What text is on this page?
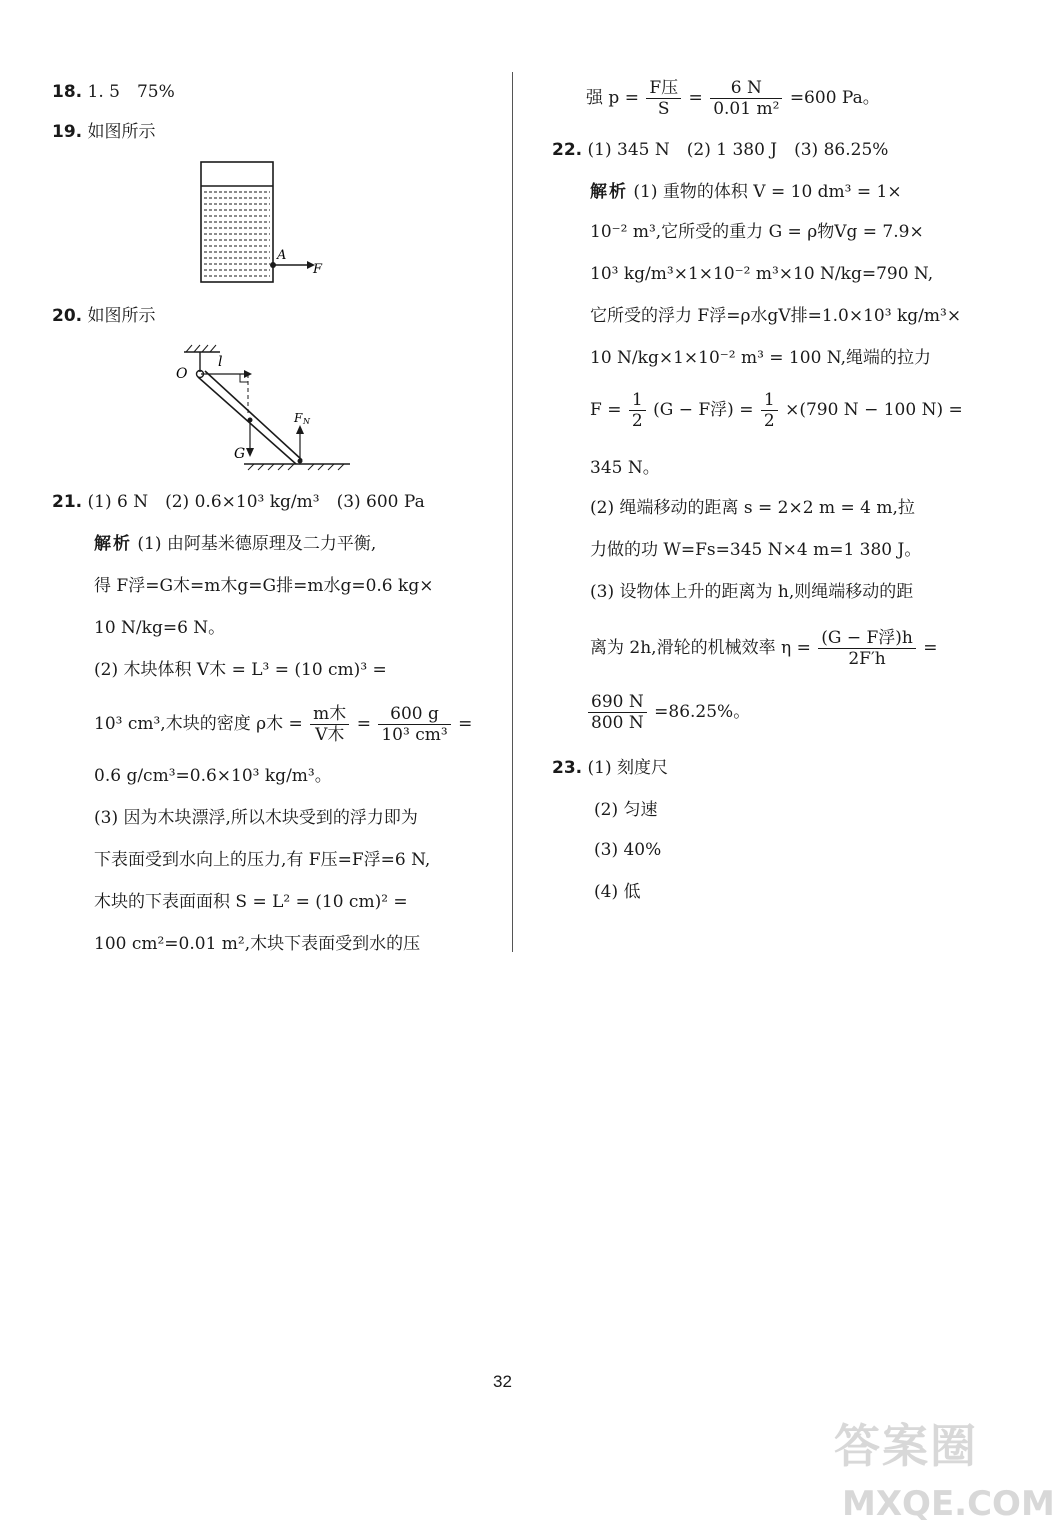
18. 1. 5　75%
19. 如图所示
A
F
20. 如图所示
O
l
F N
G
21. (1) 6 N　(2) 0.6×10³ kg/m³　(3) 600 Pa
解析 (1) 由阿基米德原理及二力平衡,
得 F浮=G木=m木g=G排=m水g=0.6 kg×
10 N/kg=6 N。
(2) 木块体积 V木 = L³ = (10 cm)³ =
10³ cm³,木块的密度 ρ木 = $\frac{\text{m木}}{\text{V木}} = \frac{600 g}{\text{10³ cm³}}$ =
0.6 g/cm³=0.6×10³ kg/m³。
(3) 因为木块漂浮,所以木块受到的浮力即为
下表面受到水向上的压力,有 F压=F浮=6 N,
木块的下表面面积 S = L² = (10 cm)² =
100 cm²=0.01 m²,木块下表面受到水的压
强 $p = \frac{\text{F压}}{S} = \frac{6 N}{\text{0.01 m²}} =600$ Pa。
22. (1) 345 N　(2) 1 380 J　(3) 86.25%
解析 (1) 重物的体积 V = 10 dm³ = 1×
10⁻² m³,它所受的重力 G = ρ物Vg = 7.9×
10³ kg/m³×1×10⁻² m³×10 N/kg=790 N,
它所受的浮力 F浮=ρ水gV排=1.0×10³ kg/m³×
10 N/kg×1×10⁻² m³ = 100 N,绳端的拉力
$F = \frac{1}{2} (G - F$浮) = $\frac{1}{2} \times(790$ N − 100 N) =
345 N。
(2) 绳端移动的距离 s = 2×2 m = 4 m,拉
力做的功 W=Fs=345 N×4 m=1 380 J。
(3) 设物体上升的距离为 h,则绳端移动的距
离为 2h,滑轮的机械效率 $\eta = \frac{\text{(G − F浮)h}}{2F'h}$ =
$\frac{690 N}{800 N} =86.25\%$。
23. (1) 刻度尺
(2) 匀速
(3) 40%
(4) 低
32
答案圈
MXQE.COM
